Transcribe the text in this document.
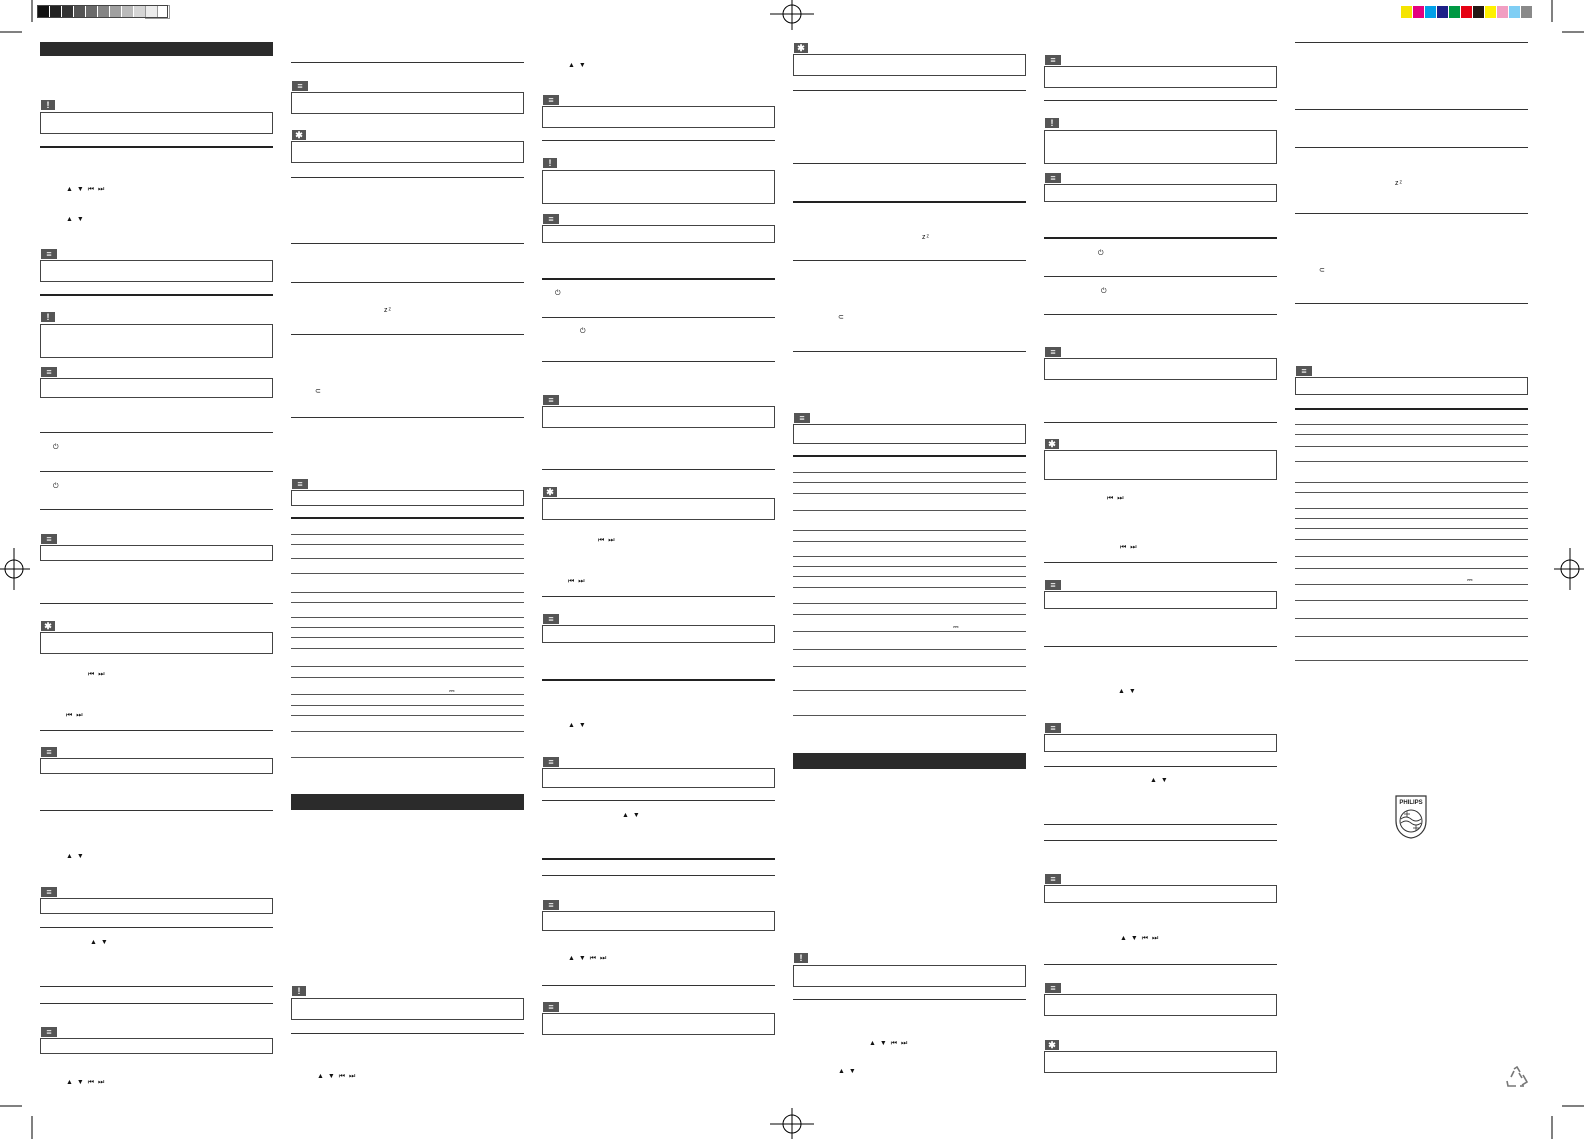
!
▲ ▼ ⏮ ⏭
▲ ▼
≡
!
≡
⏻
⏻
≡
✱
⏮ ⏭
⏮ ⏭
≡
▲ ▼
≡
▲ ▼
≡
▲ ▼ ⏮ ⏭
≡
✱
zᶻ
⊂
≡
⎓
!
▲ ▼ ⏮ ⏭
▲ ▼
≡
!
≡
⏻
⏻
≡
✱
⏮ ⏭
⏮ ⏭
≡
▲ ▼
≡
▲ ▼
≡
▲ ▼ ⏮ ⏭
≡
✱
zᶻ
⊂
≡
⎓
!
▲ ▼ ⏮ ⏭
▲ ▼
≡
!
≡
⏻
⏻
≡
✱
⏮ ⏭
⏮ ⏭
≡
▲ ▼
≡
▲ ▼
≡
▲ ▼ ⏮ ⏭
≡
✱
zᶻ
⊂
≡
⎓
PHILIPS
